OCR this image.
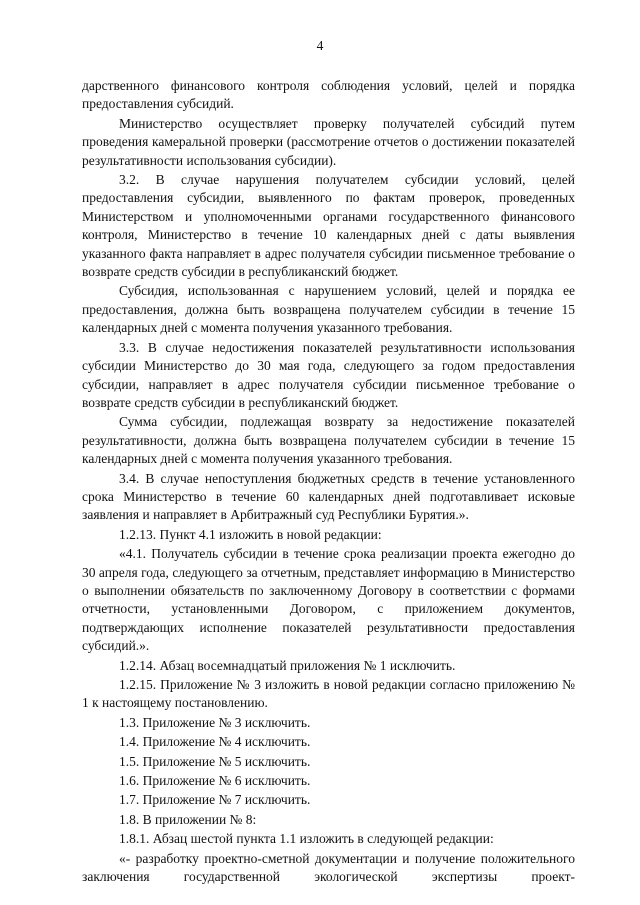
4

дарственного финансового контроля соблюдения условий, целей и порядка предоставления субсидий.

Министерство осуществляет проверку получателей субсидий путем проведения камеральной проверки (рассмотрение отчетов о достижении показателей результативности использования субсидии).

3.2. В случае нарушения получателем субсидии условий, целей предоставления субсидии, выявленного по фактам проверок, проведенных Министерством и уполномоченными органами государственного финансового контроля, Министерство в течение 10 календарных дней с даты выявления указанного факта направляет в адрес получателя субсидии письменное требование о возврате средств субсидии в республиканский бюджет.

Субсидия, использованная с нарушением условий, целей и порядка ее предоставления, должна быть возвращена получателем субсидии в течение 15 календарных дней с момента получения указанного требования.

3.3. В случае недостижения показателей результативности использования субсидии Министерство до 30 мая года, следующего за годом предоставления субсидии, направляет в адрес получателя субсидии письменное требование о возврате средств субсидии в республиканский бюджет.

Сумма субсидии, подлежащая возврату за недостижение показателей результативности, должна быть возвращена получателем субсидии в течение 15 календарных дней с момента получения указанного требования.

3.4. В случае непоступления бюджетных средств в течение установленного срока Министерство в течение 60 календарных дней подготавливает исковые заявления и направляет в Арбитражный суд Республики Бурятия.».

1.2.13. Пункт 4.1 изложить в новой редакции:

«4.1. Получатель субсидии в течение срока реализации проекта ежегодно до 30 апреля года, следующего за отчетным, представляет информацию в Министерство о выполнении обязательств по заключенному Договору в соответствии с формами отчетности, установленными Договором, с приложением документов, подтверждающих исполнение показателей результативности предоставления субсидий.».

1.2.14. Абзац восемнадцатый приложения № 1 исключить.

1.2.15. Приложение № 3 изложить в новой редакции согласно приложению № 1 к настоящему постановлению.

1.3. Приложение № 3 исключить.

1.4. Приложение № 4 исключить.

1.5. Приложение № 5 исключить.

1.6. Приложение № 6 исключить.

1.7. Приложение № 7 исключить.

1.8. В приложении № 8:

1.8.1. Абзац шестой пункта 1.1 изложить в следующей редакции:

«- разработку проектно-сметной документации и получение положительного заключения государственной экологической экспертизы проект-
